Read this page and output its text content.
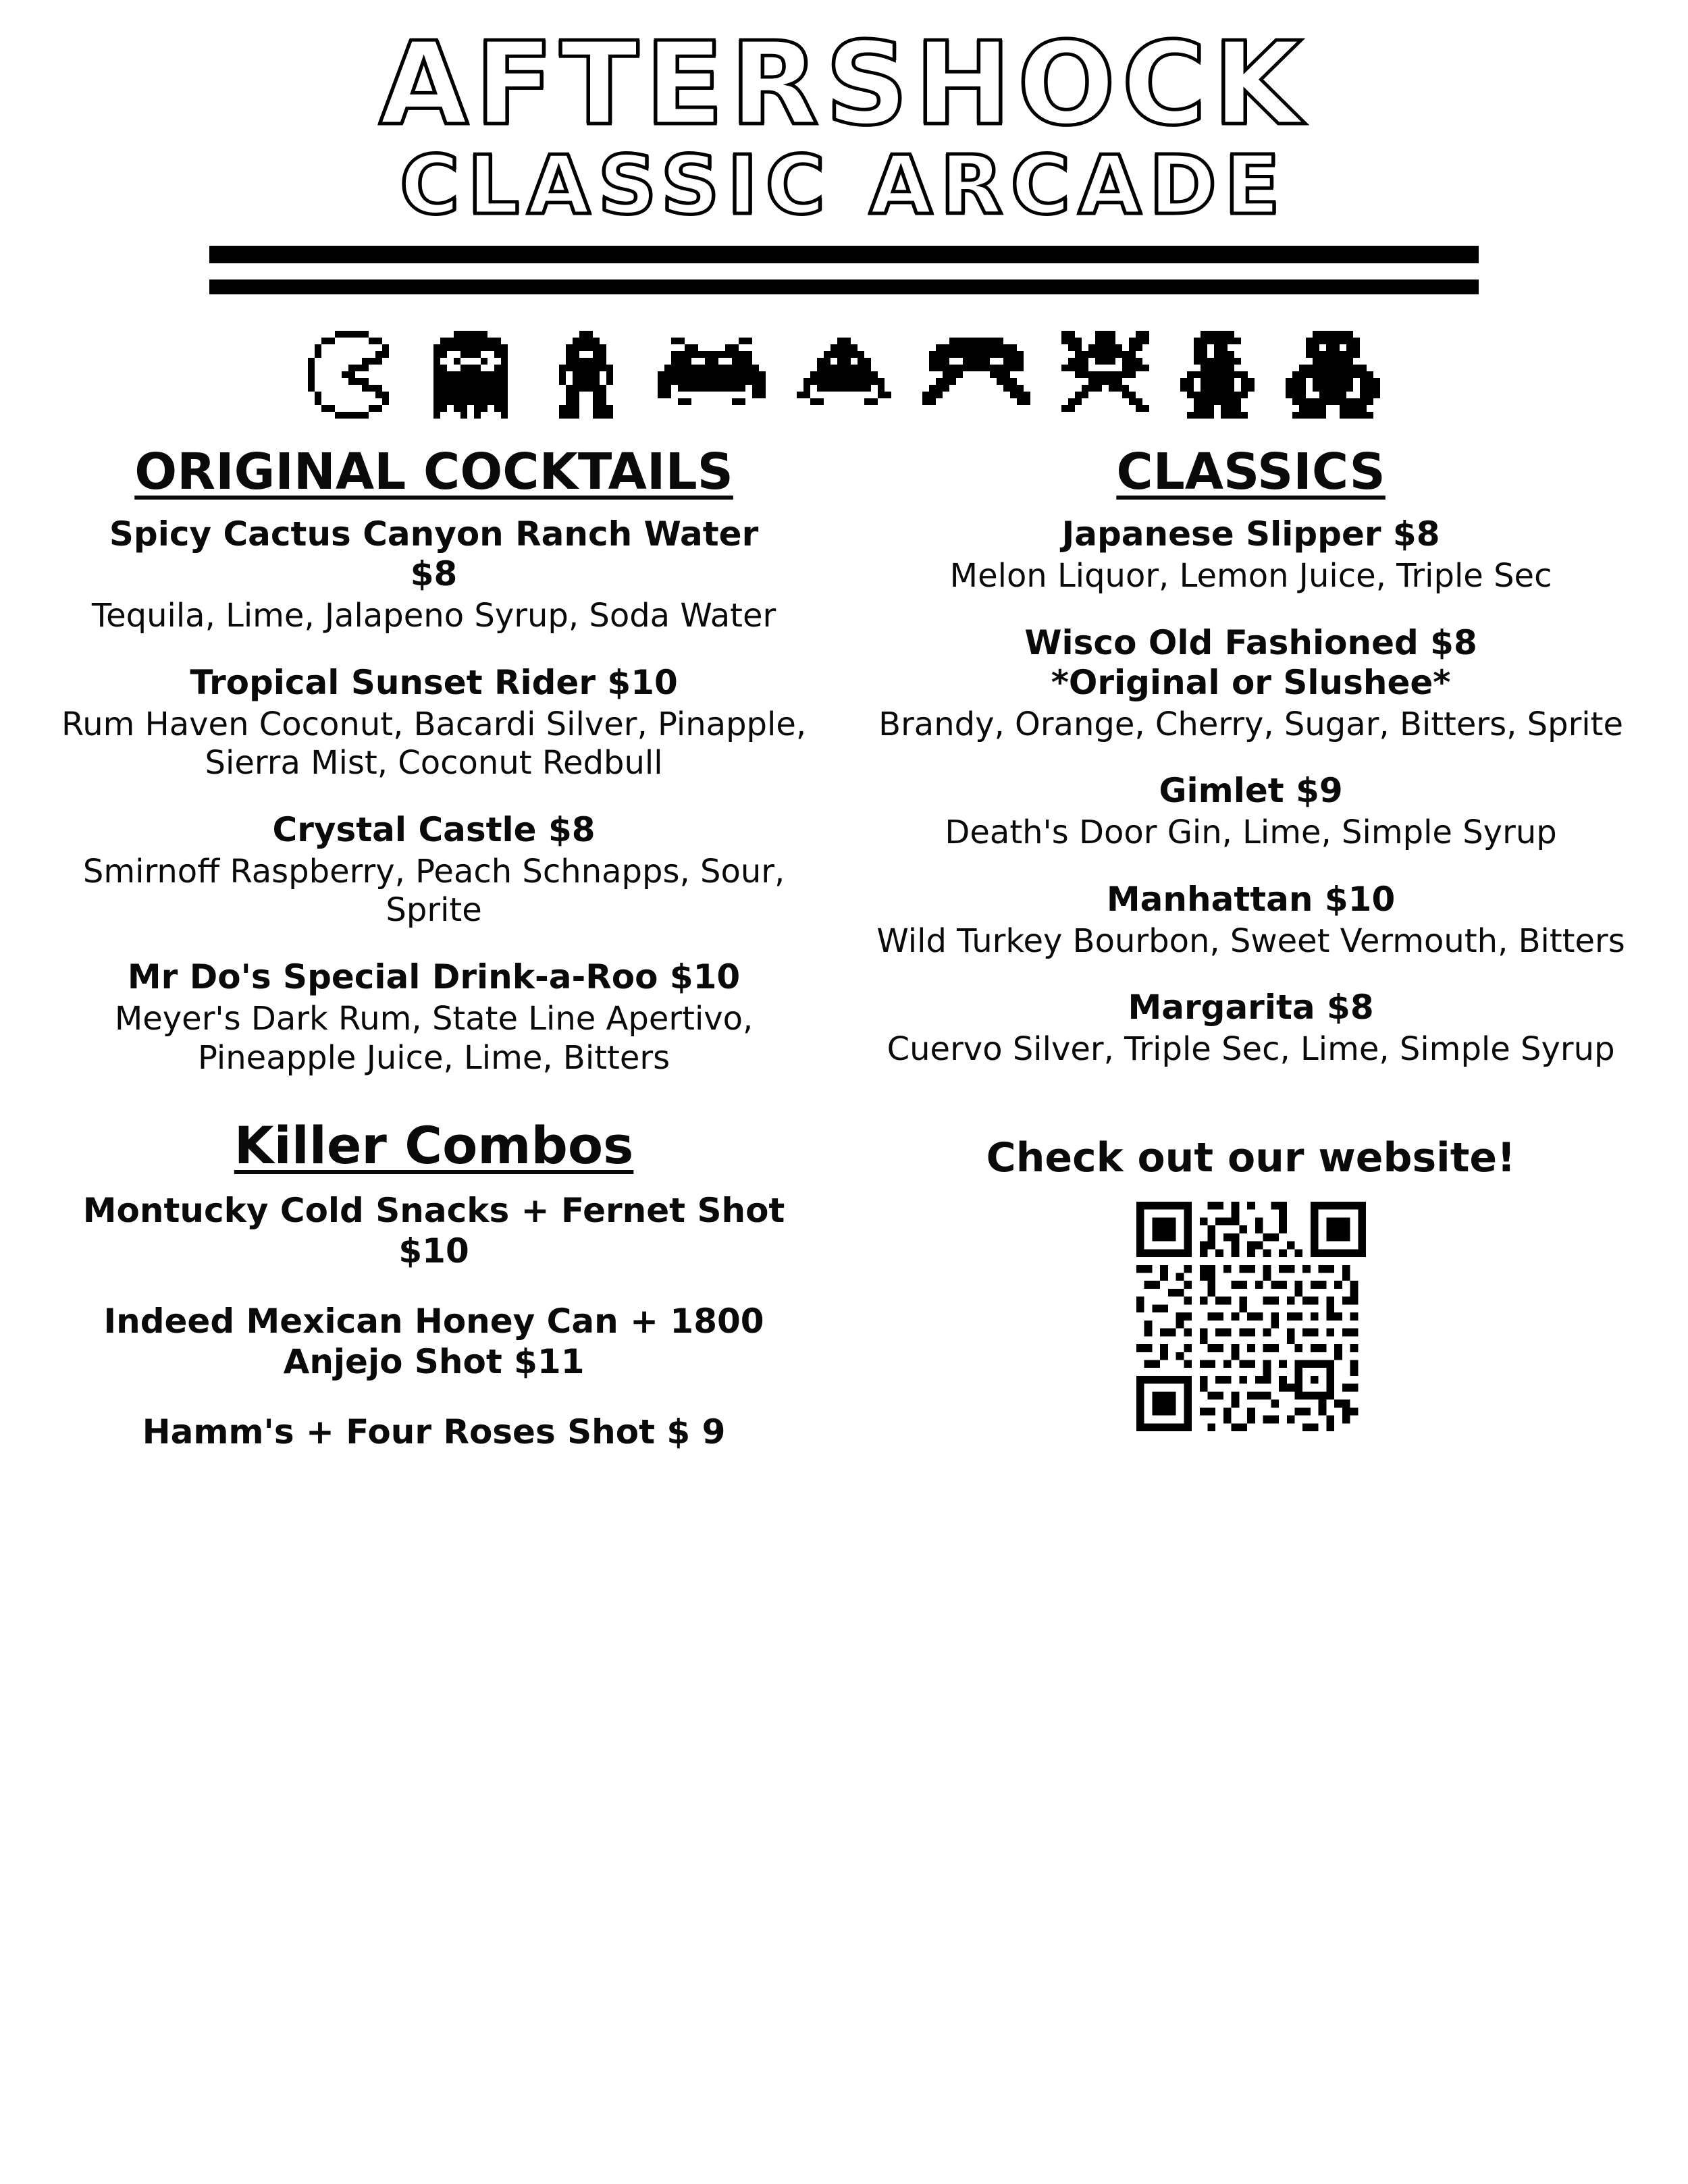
AFTERSHOCK
CLASSIC ARCADE
ORIGINAL COCKTAILS

Spicy Cactus Canyon Ranch Water

$8

Tequila, Lime, Jalapeno Syrup, Soda Water

Tropical Sunset Rider $10

Rum Haven Coconut, Bacardi Silver, Pinapple, Sierra Mist, Coconut Redbull

Crystal Castle $8

Smirnoff Raspberry, Peach Schnapps, Sour, Sprite

Mr Do's Special Drink-a-Roo $10

Meyer's Dark Rum, State Line Apertivo, Pineapple Juice, Lime, Bitters

Killer Combos

Montucky Cold Snacks + Fernet Shot $10

Indeed Mexican Honey Can + 1800 Anjejo Shot $11

Hamm's + Four Roses Shot $ 9

CLASSICS

Japanese Slipper $8

Melon Liquor, Lemon Juice, Triple Sec

Wisco Old Fashioned $8

*Original or Slushee*

Brandy, Orange, Cherry, Sugar, Bitters, Sprite

Gimlet $9

Death's Door Gin, Lime, Simple Syrup

Manhattan $10

Wild Turkey Bourbon, Sweet Vermouth, Bitters

Margarita $8

Cuervo Silver, Triple Sec, Lime, Simple Syrup

Check out our website!
